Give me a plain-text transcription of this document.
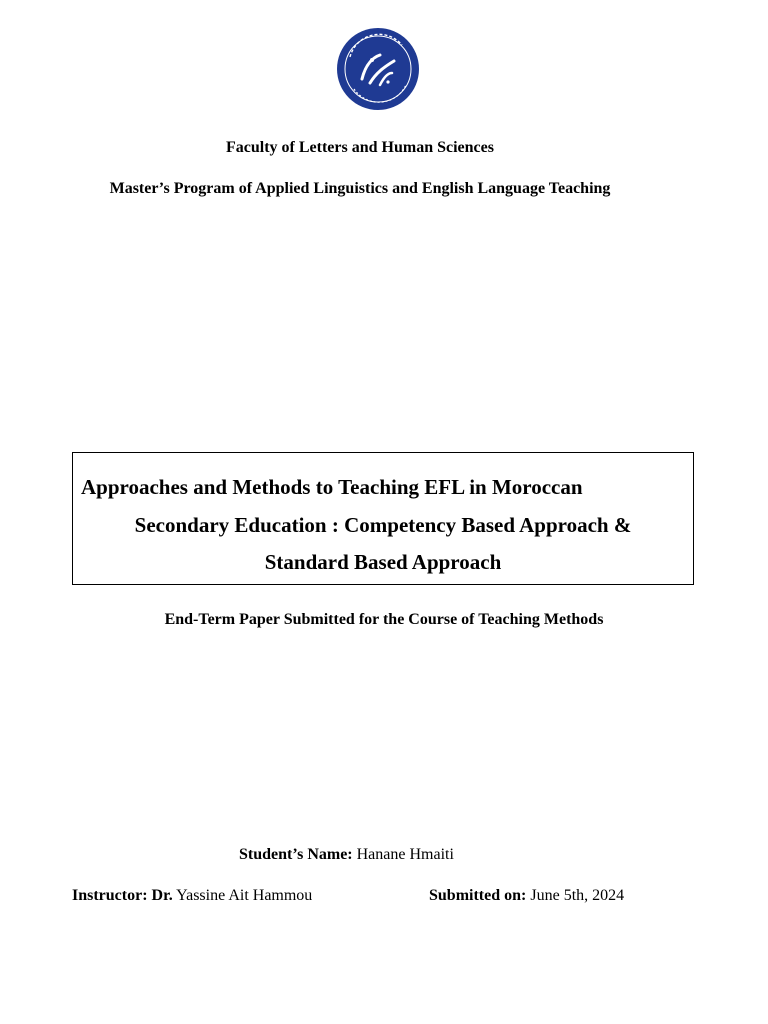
Faculty of Letters and Human Sciences
Master’s Program of Applied Linguistics and English Language Teaching
Approaches and Methods to Teaching EFL in Moroccan
Secondary Education : Competency Based Approach &
Standard Based Approach
End-Term Paper Submitted for the Course of Teaching Methods
Student’s Name: Hanane Hmaiti
Instructor: Dr. Yassine Ait Hammou	Submitted on: June 5th, 2024
